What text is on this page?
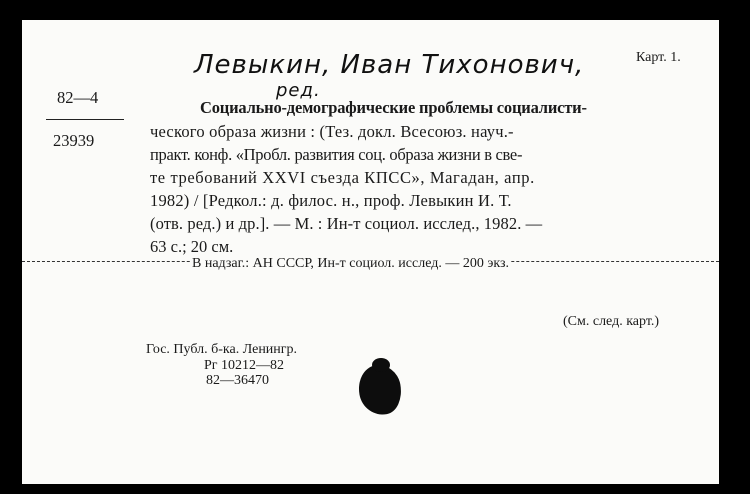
Левыкин, Иван Тихонович,
ред.
Карт. 1.
82—4
23939
Социально-демографические проблемы социалисти-
ческого образа жизни : (Тез. докл. Всесоюз. науч.-
практ. конф. «Пробл. развития соц. образа жизни в све-
те требований XXVI съезда КПСС», Магадан, апр.
1982) / [Редкол.: д. филос. н., проф. Левыкин И. Т.
(отв. ред.) и др.]. — М. : Ин-т социол. исслед., 1982. —
63 с.; 20 см.
В надзаг.: АН СССР, Ин-т социол. исслед. — 200 экз.
(См. след. карт.)
Гос. Публ. б-ка. Ленингр.
Рг 10212—82
82—36470
